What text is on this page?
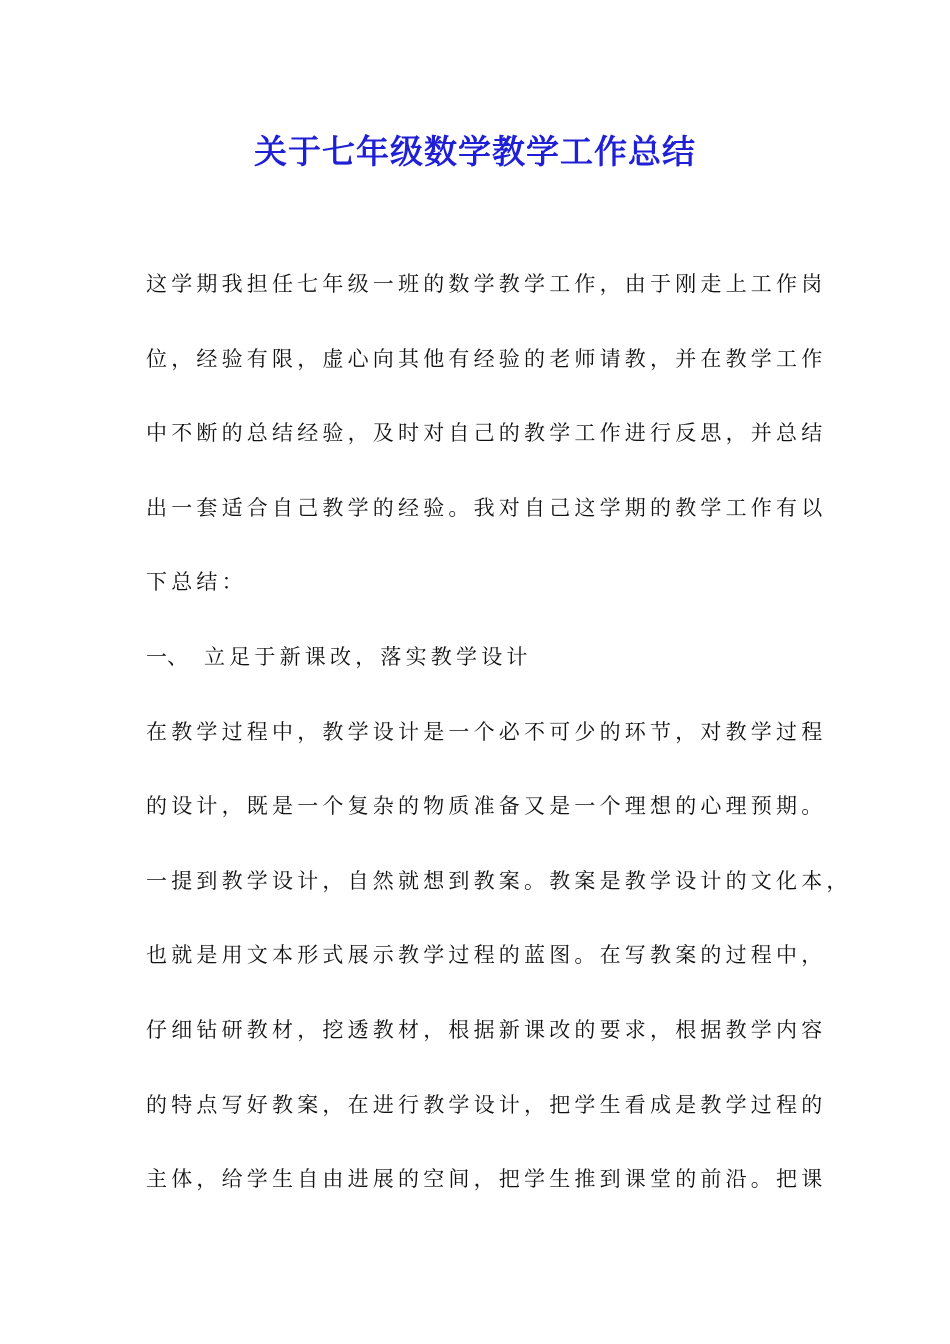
关于七年级数学教学工作总结
这学期我担任七年级一班的数学教学工作，由于刚走上工作岗
位，经验有限，虚心向其他有经验的老师请教，并在教学工作
中不断的总结经验，及时对自己的教学工作进行反思，并总结
出一套适合自己教学的经验。我对自己这学期的教学工作有以
下总结：
一、 立足于新课改，落实教学设计
在教学过程中，教学设计是一个必不可少的环节，对教学过程
的设计，既是一个复杂的物质准备又是一个理想的心理预期。
一提到教学设计，自然就想到教案。教案是教学设计的文化本，
也就是用文本形式展示教学过程的蓝图。在写教案的过程中，
仔细钻研教材，挖透教材，根据新课改的要求，根据教学内容
的特点写好教案，在进行教学设计，把学生看成是教学过程的
主体，给学生自由进展的空间，把学生推到课堂的前沿。把课
